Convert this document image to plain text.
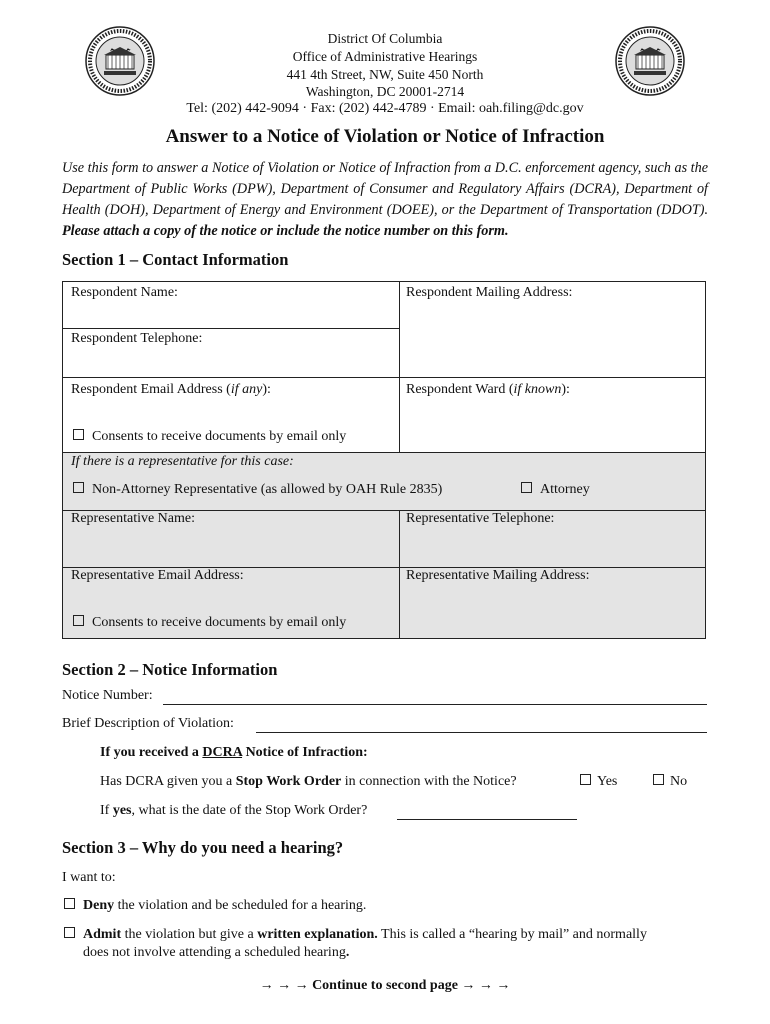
District Of Columbia
Office of Administrative Hearings
441 4th Street, NW, Suite 450 North
Washington, DC 20001-2714
Tel: (202) 442-9094 · Fax: (202) 442-4789 · Email: oah.filing@dc.gov
Answer to a Notice of Violation or Notice of Infraction
Use this form to answer a Notice of Violation or Notice of Infraction from a D.C. enforcement agency, such as the Department of Public Works (DPW), Department of Consumer and Regulatory Affairs (DCRA), Department of Health (DOH), Department of Energy and Environment (DOEE), or the Department of Transportation (DDOT). Please attach a copy of the notice or include the notice number on this form.
Section 1 – Contact Information
Respondent Name:	Respondent Mailing Address:
Respondent Telephone:
Respondent Email Address (if any):	Respondent Ward (if known):
Consents to receive documents by email only
If there is a representative for this case:
Non-Attorney Representative (as allowed by OAH Rule 2835)	Attorney
Representative Name:	Representative Telephone:
Representative Email Address:	Representative Mailing Address:
Consents to receive documents by email only
Section 2 – Notice Information
Notice Number:
Brief Description of Violation:
If you received a DCRA Notice of Infraction:
Has DCRA given you a Stop Work Order in connection with the Notice?	Yes	No
If yes, what is the date of the Stop Work Order?
Section 3 – Why do you need a hearing?
I want to:
Deny the violation and be scheduled for a hearing.
Admit the violation but give a written explanation. This is called a “hearing by mail” and normally
does not involve attending a scheduled hearing.
→ → → Continue to second page → → →
